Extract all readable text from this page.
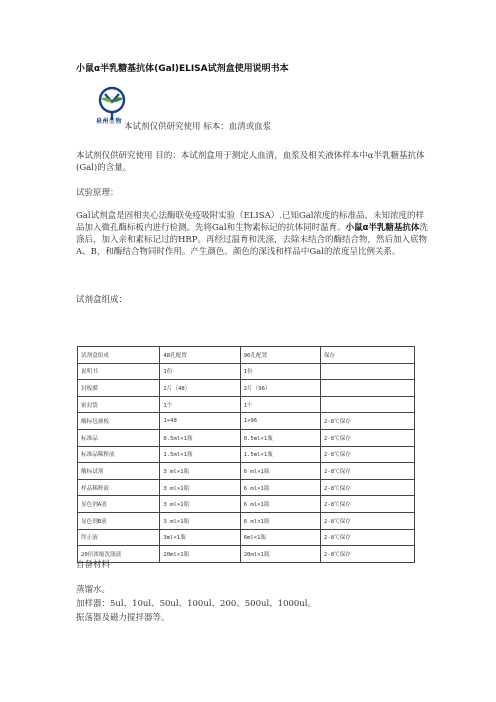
小鼠α半乳糖基抗体(Gal)ELISA试剂盒使用说明书本
泉州生物
本试剂仅供研究使用 标本：血清或血浆
本试剂仅供研究使用 目的：本试剂盒用于测定人血清，血浆及相关液体样本中α半乳糖基抗体(Gal)的含量。
试验原理：
Gal试剂盒是固相夹心法酶联免疫吸附实验（ELISA）.已知Gal浓度的标准品、未知浓度的样品加入微孔酶标板内进行检测。先将Gal和生物素标记的抗体同时温育。小鼠α半乳糖基抗体洗涤后，加入亲和素标记过的HRP。再经过温育和洗涤，去除未结合的酶结合物，然后加入底物A、B，和酶结合物同时作用。产生颜色。颜色的深浅和样品中Gal的浓度呈比例关系。
试剂盒组成：
试剂盒组成	48孔配置	96孔配置	保存
说明书	1份	1份	
封板膜	2片（48）	2片（96）	
密封袋	1个	1个	
酶标包被板	1×48	1×96	2-8℃保存
标准品	0.5ml×1瓶	0.5ml×1瓶	2-8℃保存
标准品稀释液	1.5ml×1瓶	1.5ml×1瓶	2-8℃保存
酶标试剂	3 ml×1瓶	6 ml×1瓶	2-8℃保存
样品稀释液	3 ml×1瓶	6 ml×1瓶	2-8℃保存
显色剂A液	3 ml×1瓶	6 ml×1瓶	2-8℃保存
显色剂B液	3 ml×1瓶	6 ml×1瓶	2-8℃保存
终止液	3ml×1瓶	6ml×1瓶	2-8℃保存
20倍浓缩洗涤液	20ml×1瓶	20ml×1瓶	2-8℃保存
自备材料
蒸馏水。
加样器：5ul、10ul、50ul、100ul、200、500ul、1000ul。
振荡器及磁力搅拌器等。
